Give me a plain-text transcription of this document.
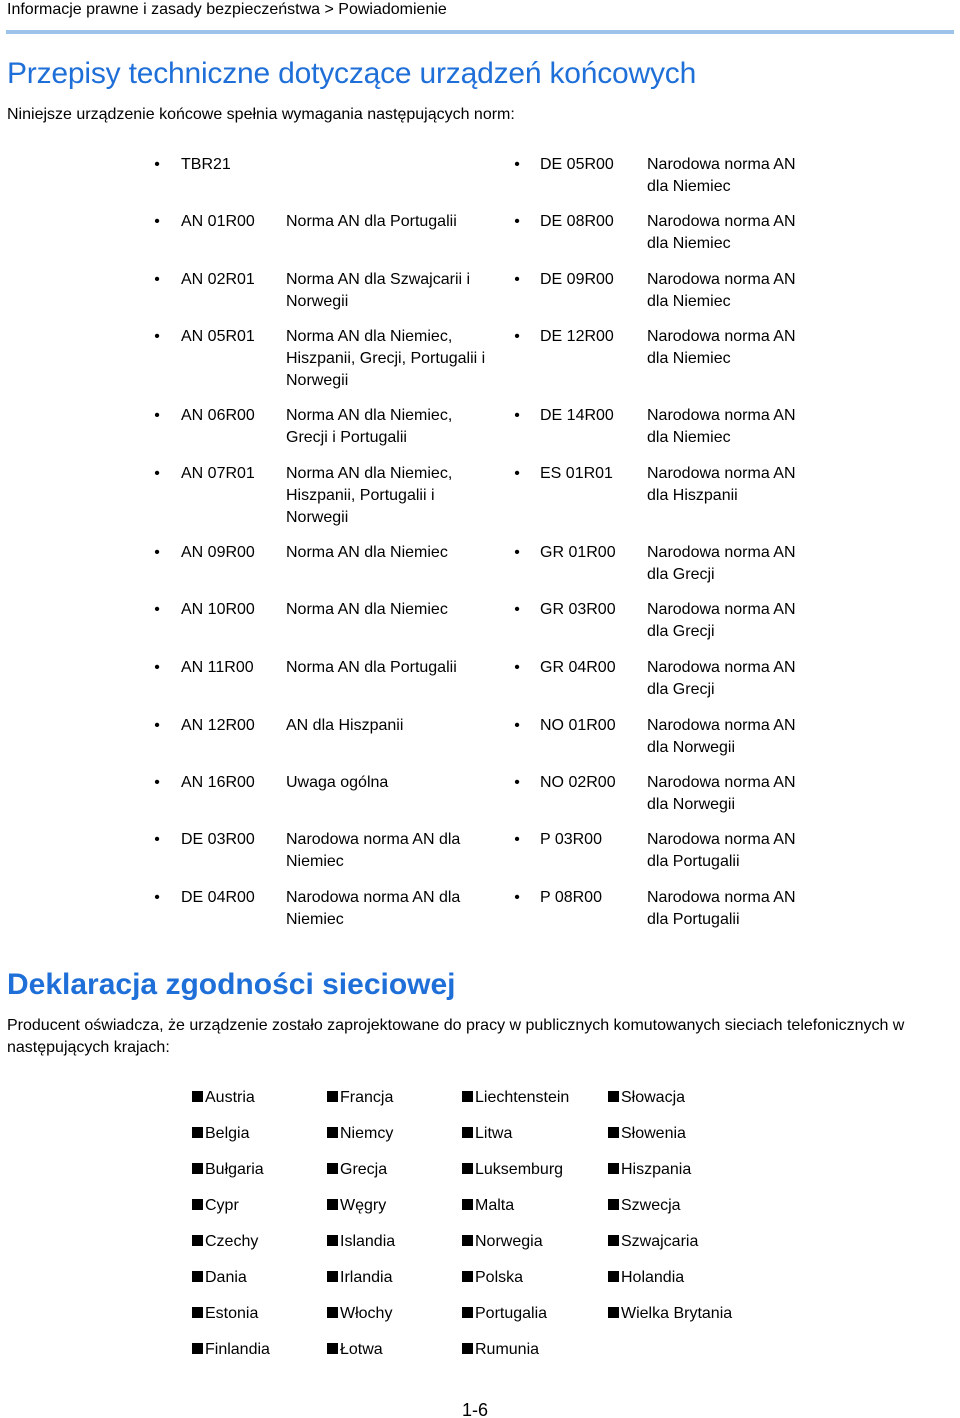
Informacje prawne i zasady bezpieczeństwa > Powiadomienie
Przepisy techniczne dotyczące urządzeń końcowych

Niniejsze urządzenie końcowe spełnia wymagania następujących norm:

• TBR21
• AN 01R00 Norma AN dla Portugalii
• AN 02R01 Norma AN dla Szwajcarii i Norwegii
• AN 05R01 Norma AN dla Niemiec, Hiszpanii, Grecji, Portugalii i Norwegii
• AN 06R00 Norma AN dla Niemiec, Grecji i Portugalii
• AN 07R01 Norma AN dla Niemiec, Hiszpanii, Portugalii i Norwegii
• AN 09R00 Norma AN dla Niemiec
• AN 10R00 Norma AN dla Niemiec
• AN 11R00 Norma AN dla Portugalii
• AN 12R00 AN dla Hiszpanii
• AN 16R00 Uwaga ogólna
• DE 03R00 Narodowa norma AN dla Niemiec
• DE 04R00 Narodowa norma AN dla Niemiec
• DE 05R00 Narodowa norma AN dla Niemiec
• DE 08R00 Narodowa norma AN dla Niemiec
• DE 09R00 Narodowa norma AN dla Niemiec
• DE 12R00 Narodowa norma AN dla Niemiec
• DE 14R00 Narodowa norma AN dla Niemiec
• ES 01R01 Narodowa norma AN dla Hiszpanii
• GR 01R00 Narodowa norma AN dla Grecji
• GR 03R00 Narodowa norma AN dla Grecji
• GR 04R00 Narodowa norma AN dla Grecji
• NO 01R00 Narodowa norma AN dla Norwegii
• NO 02R00 Narodowa norma AN dla Norwegii
• P 03R00	Narodowa norma AN dla Portugalii
• P 08R00	Narodowa norma AN dla Portugalii
Deklaracja zgodności sieciowej

Producent oświadcza, że urządzenie zostało zaprojektowane do pracy w publicznych komutowanych sieciach telefonicznych w następujących krajach:

Austria
Belgia
Bułgaria
Cypr
Czechy
Dania
Estonia
Finlandia
Francja
Niemcy
Grecja
Węgry
Islandia
Irlandia
Włochy
Łotwa
Liechtenstein
Litwa
Luksemburg
Malta
Norwegia
Polska
Portugalia
Rumunia
Słowacja
Słowenia
Hiszpania
Szwecja
Szwajcaria
Holandia
Wielka Brytania
1-6
